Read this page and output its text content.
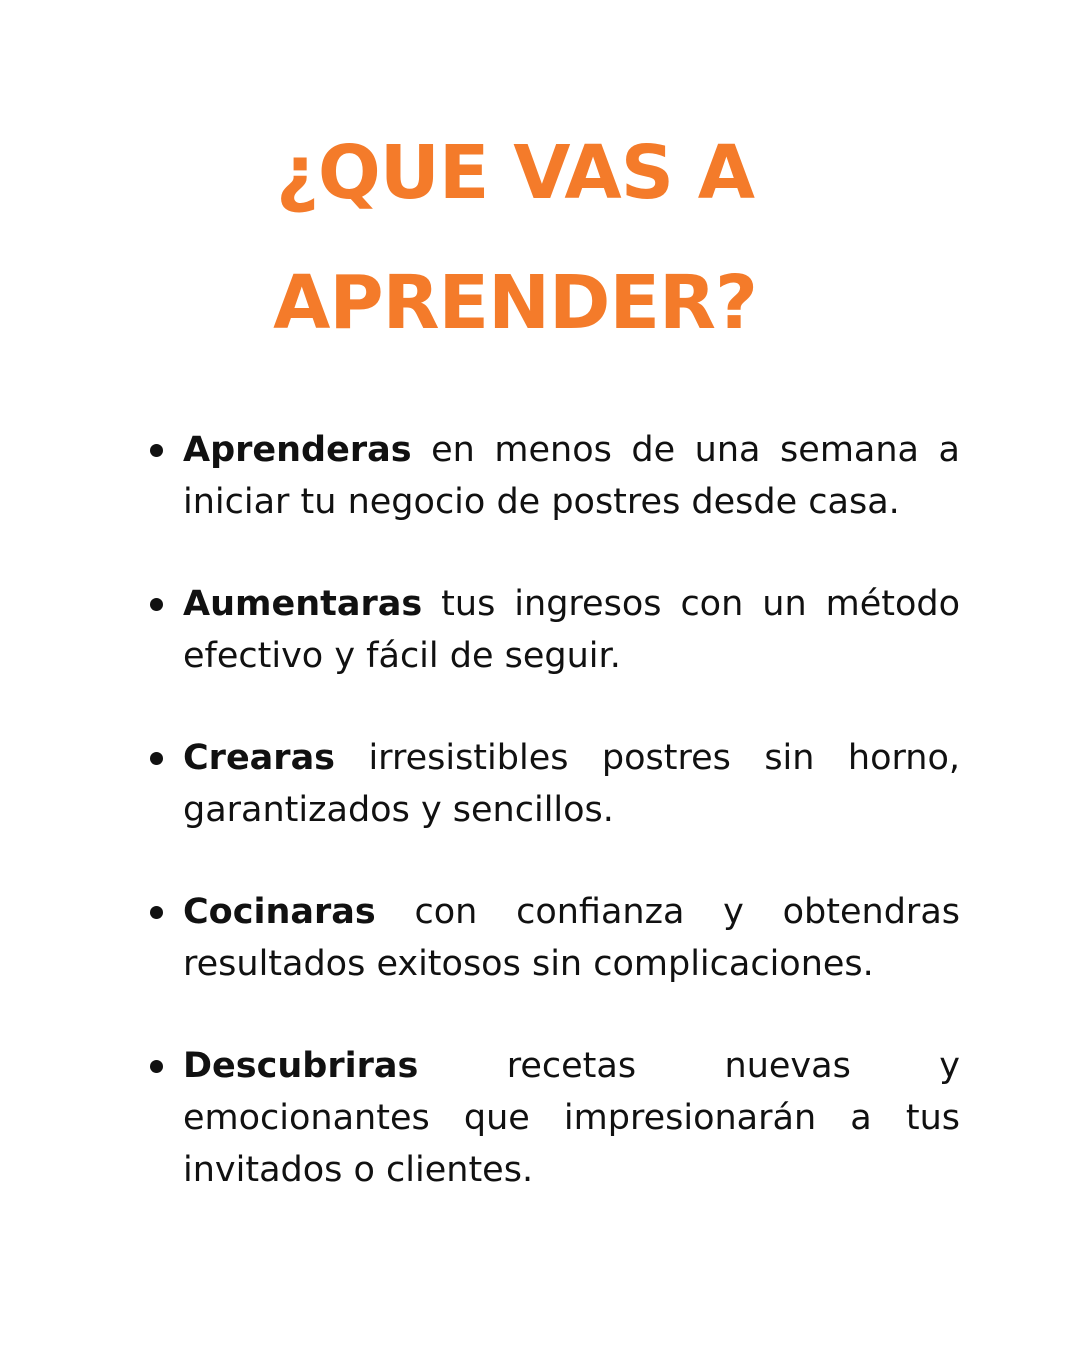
¿QUE VAS A
APRENDER?
Aprenderas en menos de una semana a iniciar tu negocio de postres desde casa.
Aumentaras tus ingresos con un método efectivo y fácil de seguir.
Crearas irresistibles postres sin horno, garantizados y sencillos.
Cocinaras con confianza y obtendras resultados exitosos sin complicaciones.
Descubriras recetas nuevas y emocionantes que impresionarán a tus invitados o clientes.
